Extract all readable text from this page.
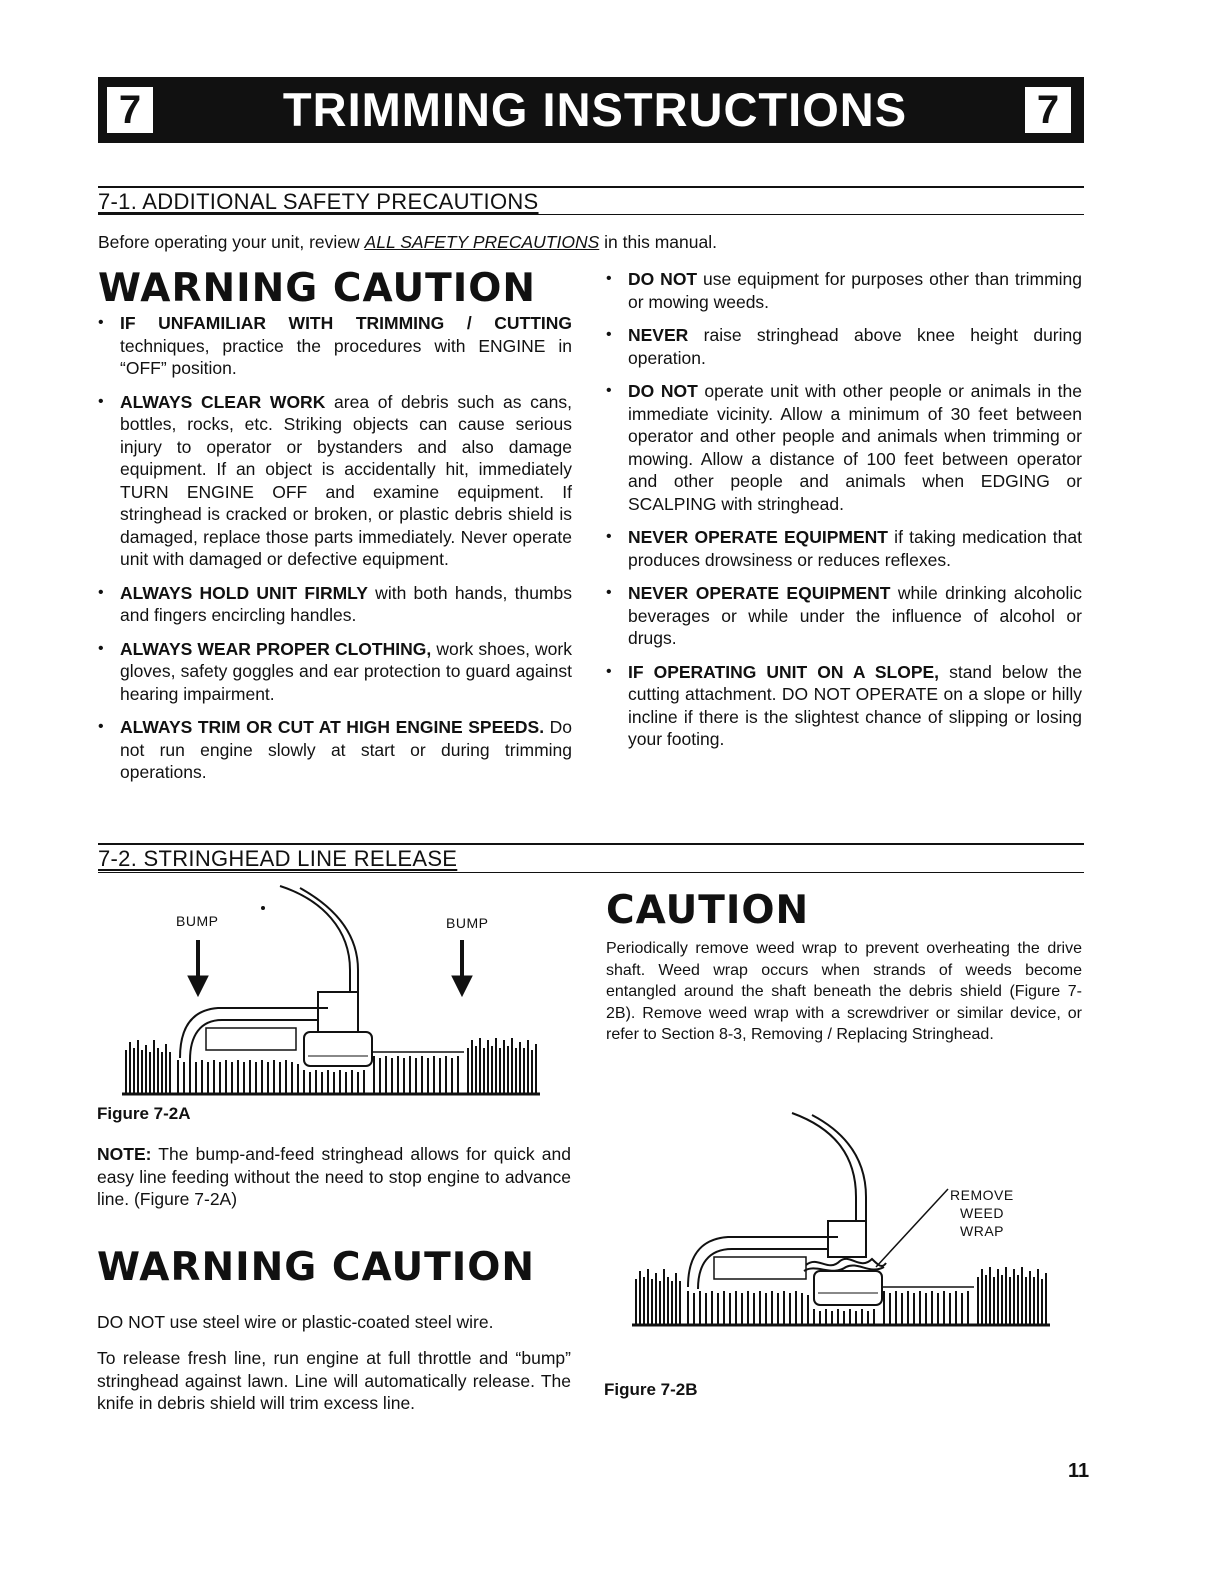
7	TRIMMING INSTRUCTIONS	7
7-1. ADDITIONAL SAFETY PRECAUTIONS
Before operating your unit, review ALL SAFETY PRECAUTIONS in this manual.
WARNING CAUTION
• IF UNFAMILIAR WITH TRIMMING / CUTTING techniques, practice the procedures with ENGINE in “OFF” position.
• ALWAYS CLEAR WORK area of debris such as cans, bottles, rocks, etc. Striking objects can cause serious injury to operator or bystanders and also damage equipment. If an object is accidentally hit, immediately TURN ENGINE OFF and examine equipment. If stringhead is cracked or broken, or plastic debris shield is damaged, replace those parts immediately. Never operate unit with damaged or defective equipment.
• ALWAYS HOLD UNIT FIRMLY with both hands, thumbs and fingers encircling handles.
• ALWAYS WEAR PROPER CLOTHING, work shoes, work gloves, safety goggles and ear protection to guard against hearing impairment.
• ALWAYS TRIM OR CUT AT HIGH ENGINE SPEEDS. Do not run engine slowly at start or during trimming operations.
• DO NOT use equipment for purposes other than trimming or mowing weeds.
• NEVER raise stringhead above knee height during operation.
• DO NOT operate unit with other people or animals in the immediate vicinity. Allow a minimum of 30 feet between operator and other people and animals when trimming or mowing. Allow a distance of 100 feet between operator and other people and animals when EDGING or SCALPING with stringhead.
• NEVER OPERATE EQUIPMENT if taking medication that produces drowsiness or reduces reflexes.
• NEVER OPERATE EQUIPMENT while drinking alcoholic beverages or while under the influence of alcohol or drugs.
• IF OPERATING UNIT ON A SLOPE, stand below the cutting attachment. DO NOT OPERATE on a slope or hilly incline if there is the slightest chance of slipping or losing your footing.
7-2. STRINGHEAD LINE RELEASE
BUMP	BUMP
Figure 7-2A
NOTE: The bump-and-feed stringhead allows for quick and easy line feeding without the need to stop engine to advance line. (Figure 7-2A)
WARNING CAUTION
DO NOT use steel wire or plastic-coated steel wire.
To release fresh line, run engine at full throttle and “bump” stringhead against lawn. Line will automatically release. The knife in debris shield will trim excess line.
CAUTION
Periodically remove weed wrap to prevent overheating the drive shaft. Weed wrap occurs when strands of weeds become entangled around the shaft beneath the debris shield (Figure 7-2B). Remove weed wrap with a screwdriver or similar device, or refer to Section 8-3, Removing / Replacing Stringhead.
REMOVE
WEED
WRAP
Figure 7-2B
11
